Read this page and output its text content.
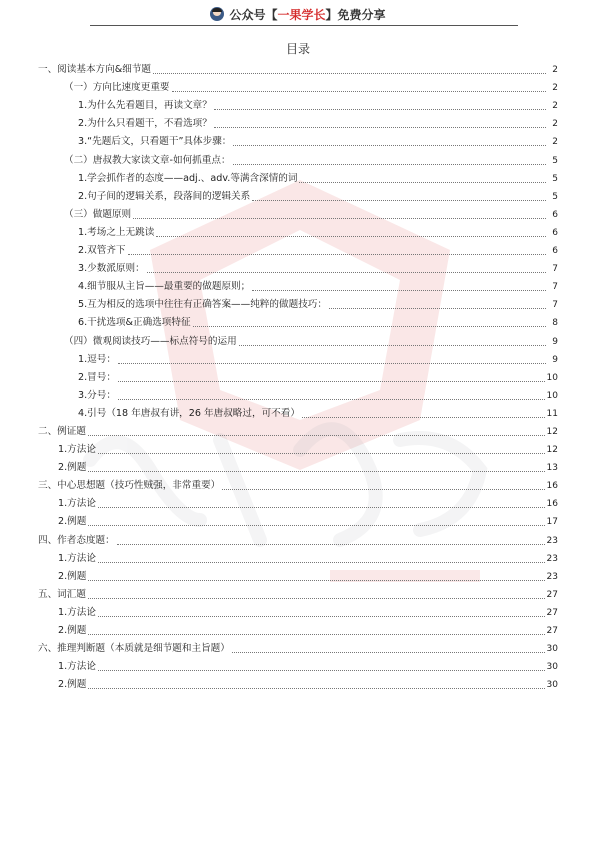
公众号【 一果学长 】免费分享
目录
一、阅读基本方向&细节题	2
（一）方向比速度更重要	2
1.为什么先看题目，再读文章？	2
2.为什么只看题干，不看选项？	2
3.“先题后文，只看题干”具体步骤：	2
（二）唐叔教大家读文章-如何抓重点：	5
1.学会抓作者的态度——adj.、adv.等满含深情的词	5
2.句子间的逻辑关系，段落间的逻辑关系	5
（三）做题原则	6
1.考场之上无跳读	6
2.双管齐下	6
3.少数派原则：	7
4.细节服从主旨——最重要的做题原则；	7
5.互为相反的选项中往往有正确答案——纯粹的做题技巧：	7
6.干扰选项&正确选项特征	8
（四）微观阅读技巧——标点符号的运用	9
1.逗号：	9
2.冒号：	10
3.分号：	10
4.引号（18 年唐叔有讲，26 年唐叔略过，可不看）	11
二、例证题	12
1.方法论	12
2.例题	13
三、中心思想题（技巧性贼强，非常重要）	16
1.方法论	16
2.例题	17
四、作者态度题：	23
1.方法论	23
2.例题	23
五、词汇题	27
1.方法论	27
2.例题	27
六、推理判断题（本质就是细节题和主旨题）	30
1.方法论	30
2.例题	30
